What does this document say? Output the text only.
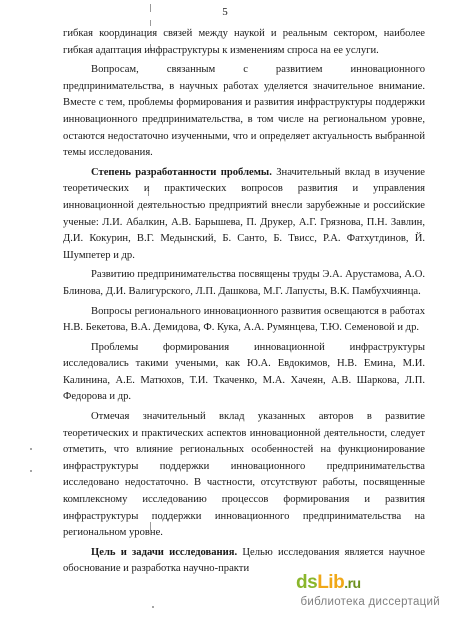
5

гибкая координация связей между наукой и реальным сектором, наиболее гибкая адаптация инфраструктуры к изменениям спроса на ее услуги.

Вопросам, связанным с развитием инновационного предпринимательства, в научных работах уделяется значительное внимание. Вместе с тем, проблемы формирования и развития инфраструктуры поддержки инновационного предпринимательства, в том числе на региональном уровне, остаются недостаточно изученными, что и определяет актуальность выбранной темы исследования.

Степень разработанности проблемы. Значительный вклад в изучение теоретических и практических вопросов развития и управления инновационной деятельностью предприятий внесли зарубежные и российские ученые: Л.И. Абалкин, А.В. Барышева, П. Друкер, А.Г. Грязнова, П.Н. Завлин, Д.И. Кокурин, В.Г. Медынский, Б. Санто, Б. Твисс, Р.А. Фатхутдинов, Й. Шумпетер и др.

Развитию предпринимательства посвящены труды Э.А. Арустамова, А.О. Блинова, Д.И. Валигурского, Л.П. Дашкова, М.Г. Лапусты, В.К. Памбухчиянца.

Вопросы регионального инновационного развития освещаются в работах Н.В. Бекетова, В.А. Демидова, Ф. Кука, А.А. Румянцева, Т.Ю. Семеновой и др.

Проблемы формирования инновационной инфраструктуры исследовались такими учеными, как Ю.А. Евдокимов, Н.В. Емина, М.И. Калинина, А.Е. Матюхов, Т.И. Ткаченко, М.А. Хачеян, А.В. Шаркова, Л.П. Федорова и др.

Отмечая значительный вклад указанных авторов в развитие теоретических и практических аспектов инновационной деятельности, следует отметить, что влияние региональных особенностей на функционирование инфраструктуры поддержки инновационного предпринимательства исследовано недостаточно. В частности, отсутствуют работы, посвященные комплексному исследованию процессов формирования и развития инфраструктуры поддержки инновационного предпринимательства на региональном уровне.

Цель и задачи исследования. Целью исследования является научное обоснование и разработка научно-практи

dsLib.ru
библиотека диссертаций
